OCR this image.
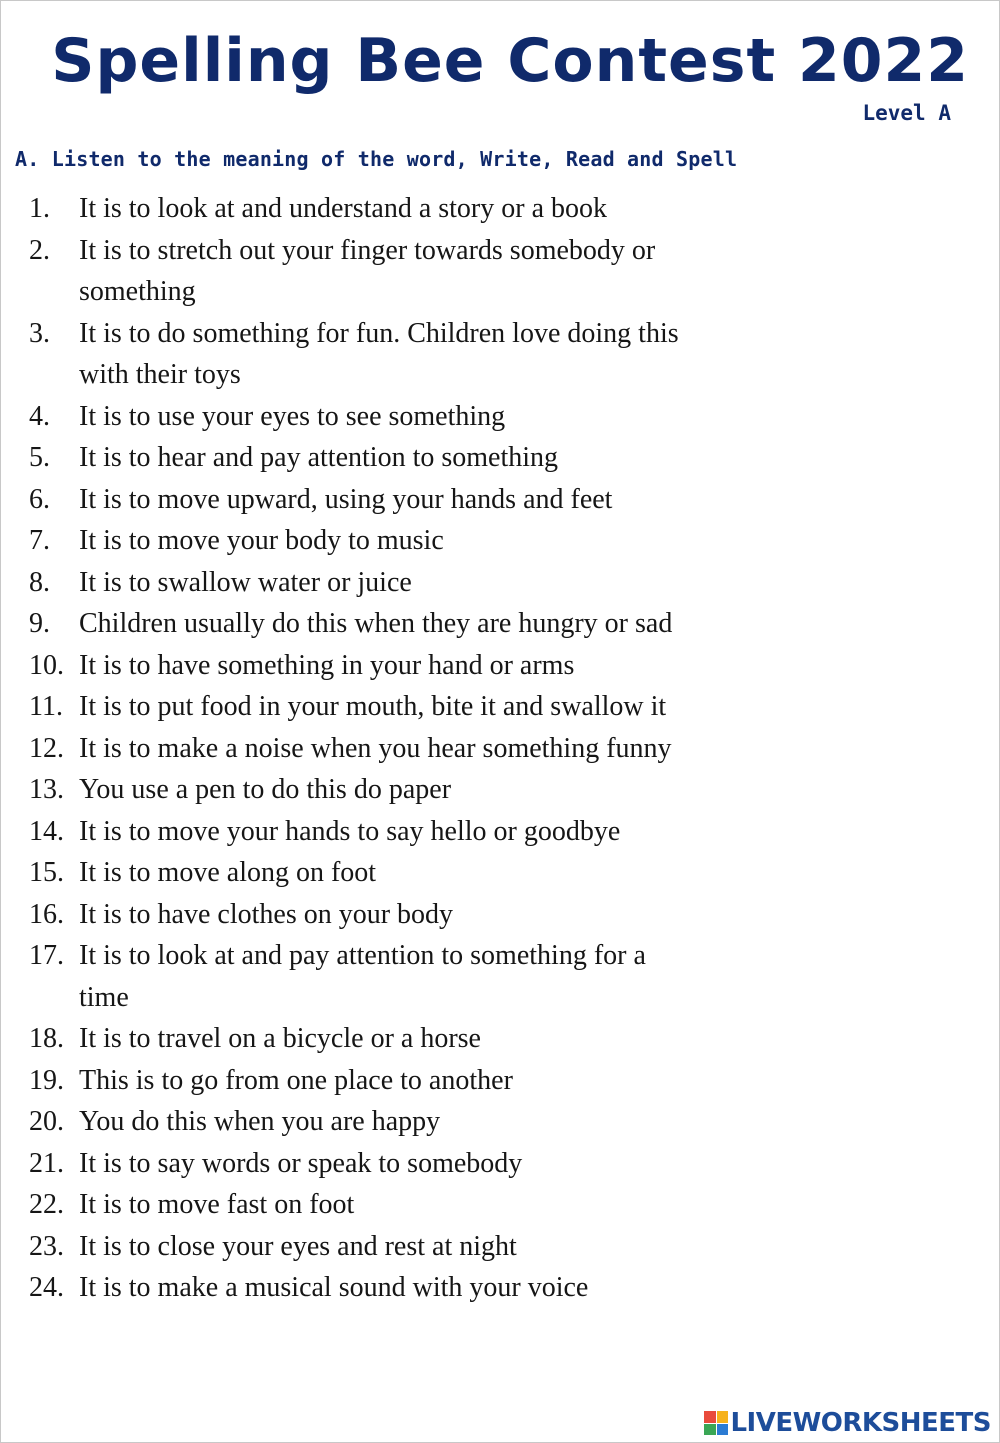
Spelling Bee Contest 2022
Level A
A. Listen to the meaning of the word, Write, Read and Spell
1. It is to look at and understand a story or a book
2. It is to stretch out your finger towards somebody or something
3. It is to do something for fun. Children love doing this with their toys
4. It is to use your eyes to see something
5. It is to hear and pay attention to something
6. It is to move upward, using your hands and feet
7. It is to move your body to music
8. It is to swallow water or juice
9. Children usually do this when they are hungry or sad
10. It is to have something in your hand or arms
11. It is to put food in your mouth, bite it and swallow it
12. It is to make a noise when you hear something funny
13. You use a pen to do this do paper
14. It is to move your hands to say hello or goodbye
15. It is to move along on foot
16. It is to have clothes on your body
17. It is to look at and pay attention to something for a time
18. It is to travel on a bicycle or a horse
19. This is to go from one place to another
20. You do this when you are happy
21. It is to say words or speak to somebody
22. It is to move fast on foot
23. It is to close your eyes and rest at night
24. It is to make a musical sound with your voice
LIVEWORKSHEETS
